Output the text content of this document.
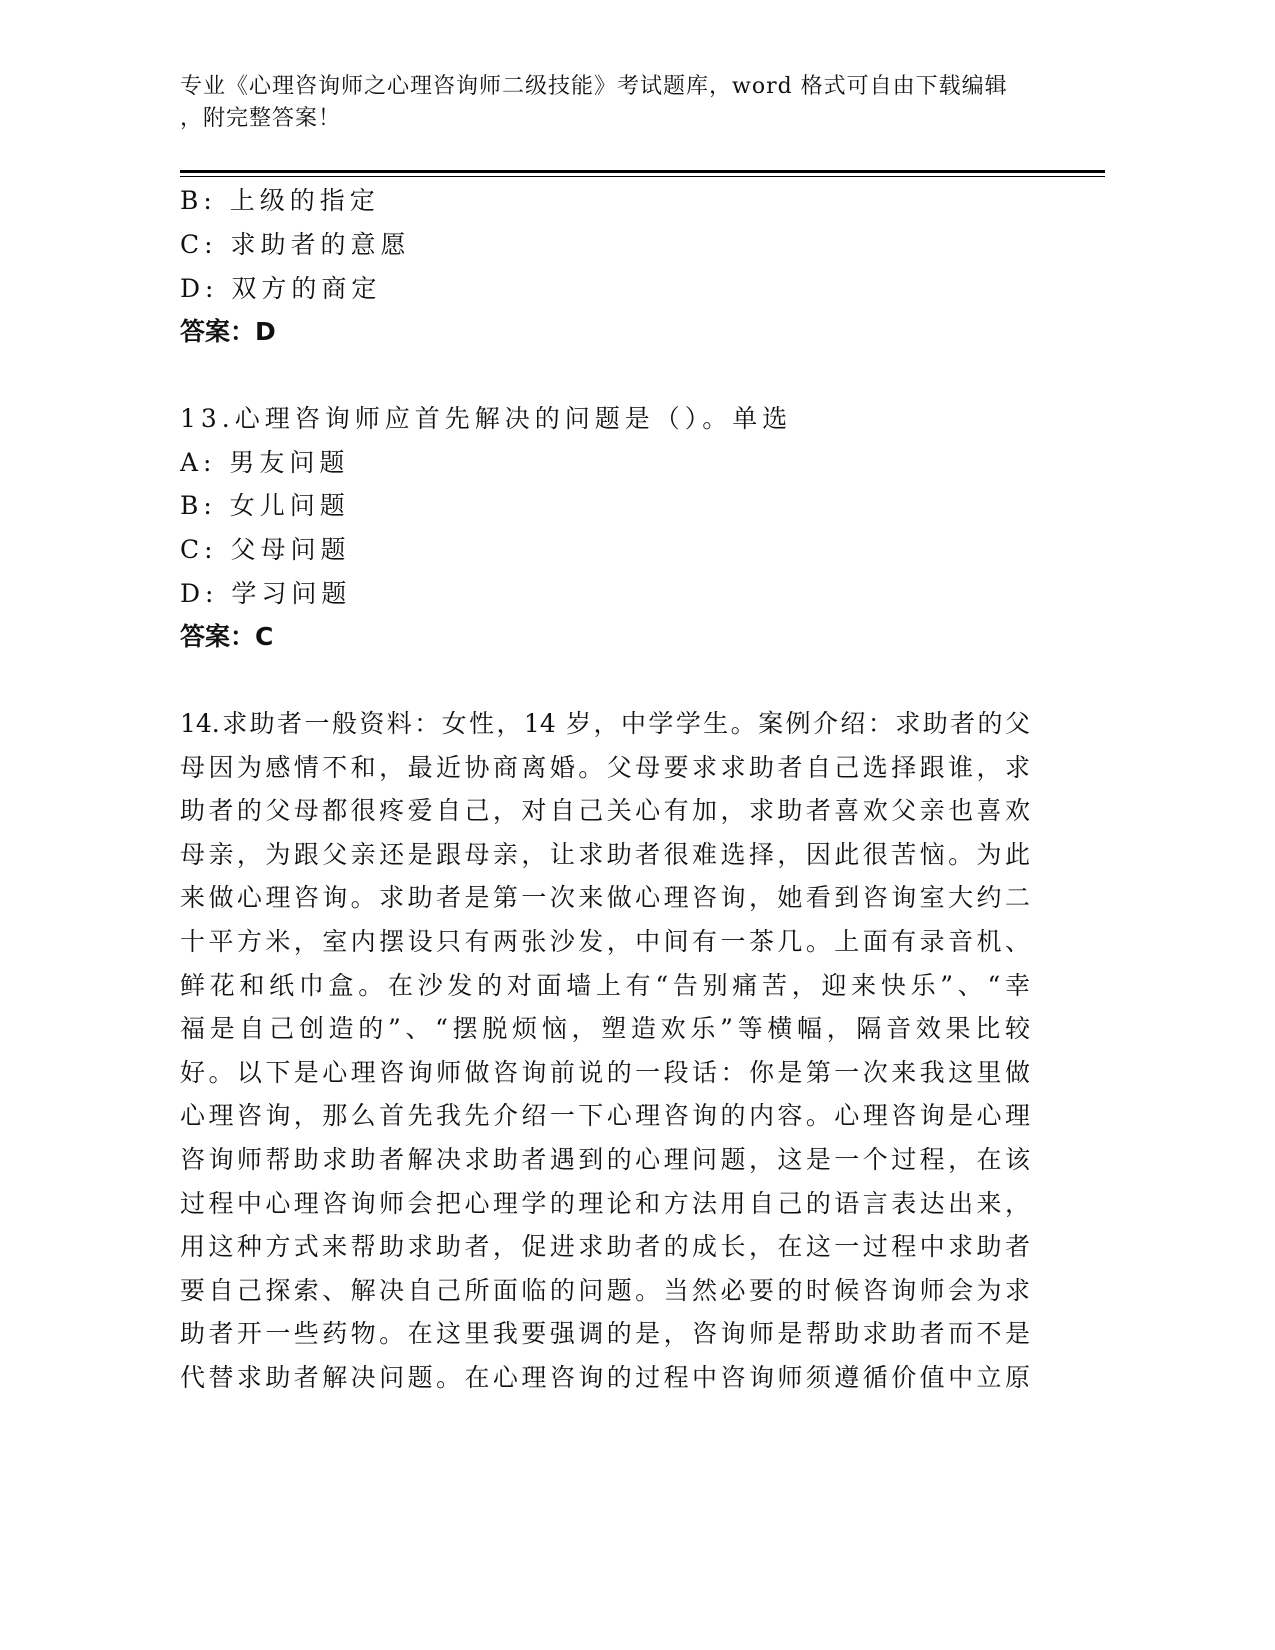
专业《心理咨询师之心理咨询师二级技能》考试题库，word 格式可自由下载编辑
，附完整答案！
B: 上级的指定
C: 求助者的意愿
D: 双方的商定
答案：D
13.心理咨询师应首先解决的问题是（）。单选
A: 男友问题
B: 女儿问题
C: 父母问题
D: 学习问题
答案：C
14.求助者一般资料：女性，14 岁，中学学生。案例介绍：求助者的父
母因为感情不和，最近协商离婚。父母要求求助者自己选择跟谁，求
助者的父母都很疼爱自己，对自己关心有加，求助者喜欢父亲也喜欢
母亲，为跟父亲还是跟母亲，让求助者很难选择，因此很苦恼。为此
来做心理咨询。求助者是第一次来做心理咨询，她看到咨询室大约二
十平方米，室内摆设只有两张沙发，中间有一茶几。上面有录音机、
鲜花和纸巾盒。在沙发的对面墙上有“告别痛苦，迎来快乐”、“幸
福是自己创造的”、“摆脱烦恼，塑造欢乐”等横幅，隔音效果比较
好。以下是心理咨询师做咨询前说的一段话：你是第一次来我这里做
心理咨询，那么首先我先介绍一下心理咨询的内容。心理咨询是心理
咨询师帮助求助者解决求助者遇到的心理问题，这是一个过程，在该
过程中心理咨询师会把心理学的理论和方法用自己的语言表达出来，
用这种方式来帮助求助者，促进求助者的成长，在这一过程中求助者
要自己探索、解决自己所面临的问题。当然必要的时候咨询师会为求
助者开一些药物。在这里我要强调的是，咨询师是帮助求助者而不是
代替求助者解决问题。在心理咨询的过程中咨询师须遵循价值中立原
